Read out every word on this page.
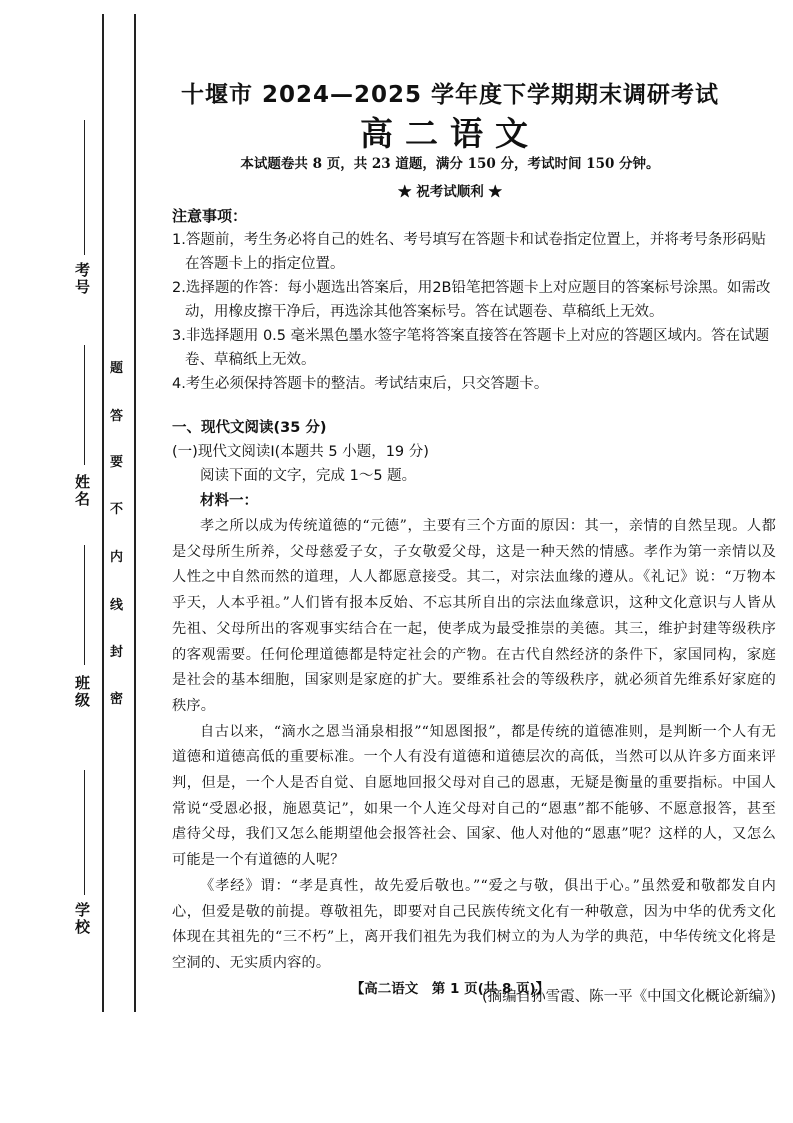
考号
姓名
班级
学校
题
答
要
不
内
线
封
密
十堰市 2024—2025 学年度下学期期末调研考试
高二语文
本试题卷共 8 页，共 23 道题，满分 150 分，考试时间 150 分钟。
★ 祝考试顺利 ★

注意事项：

1.答题前，考生务必将自己的姓名、考号填写在答题卡和试卷指定位置上，并将考号条形码贴在答题卡上的指定位置。

2.选择题的作答：每小题选出答案后，用2B铅笔把答题卡上对应题目的答案标号涂黑。如需改动，用橡皮擦干净后，再选涂其他答案标号。答在试题卷、草稿纸上无效。

3.非选择题用 0.5 毫米黑色墨水签字笔将答案直接答在答题卡上对应的答题区域内。答在试题卷、草稿纸上无效。

4.考生必须保持答题卡的整洁。考试结束后，只交答题卡。

一、现代文阅读(35 分)

(一)现代文阅读Ⅰ(本题共 5 小题，19 分)

阅读下面的文字，完成 1～5 题。

材料一：

孝之所以成为传统道德的“元德”，主要有三个方面的原因：其一，亲情的自然呈现。人都是父母所生所养，父母慈爱子女，子女敬爱父母，这是一种天然的情感。孝作为第一亲情以及人性之中自然而然的道理，人人都愿意接受。其二，对宗法血缘的遵从。《礼记》说：“万物本乎天，人本乎祖。”人们皆有报本反始、不忘其所自出的宗法血缘意识，这种文化意识与人皆从先祖、父母所出的客观事实结合在一起，使孝成为最受推崇的美德。其三，维护封建等级秩序的客观需要。任何伦理道德都是特定社会的产物。在古代自然经济的条件下，家国同构，家庭是社会的基本细胞，国家则是家庭的扩大。要维系社会的等级秩序，就必须首先维系好家庭的秩序。

自古以来，“滴水之恩当涌泉相报”“知恩图报”，都是传统的道德准则，是判断一个人有无道德和道德高低的重要标准。一个人有没有道德和道德层次的高低，当然可以从许多方面来评判，但是，一个人是否自觉、自愿地回报父母对自己的恩惠，无疑是衡量的重要指标。中国人常说“受恩必报，施恩莫记”，如果一个人连父母对自己的“恩惠”都不能够、不愿意报答，甚至虐待父母，我们又怎么能期望他会报答社会、国家、他人对他的“恩惠”呢？这样的人，又怎么可能是一个有道德的人呢？

《孝经》谓：“孝是真性，故先爱后敬也。”“爱之与敬，俱出于心。”虽然爱和敬都发自内心，但爱是敬的前提。尊敬祖先，即要对自己民族传统文化有一种敬意，因为中华的优秀文化体现在其祖先的“三不朽”上，离开我们祖先为我们树立的为人为学的典范，中华传统文化将是空洞的、无实质内容的。

(摘编自孙雪霞、陈一平《中国文化概论新编》)

【高二语文　第 1 页(共 8 页)】
